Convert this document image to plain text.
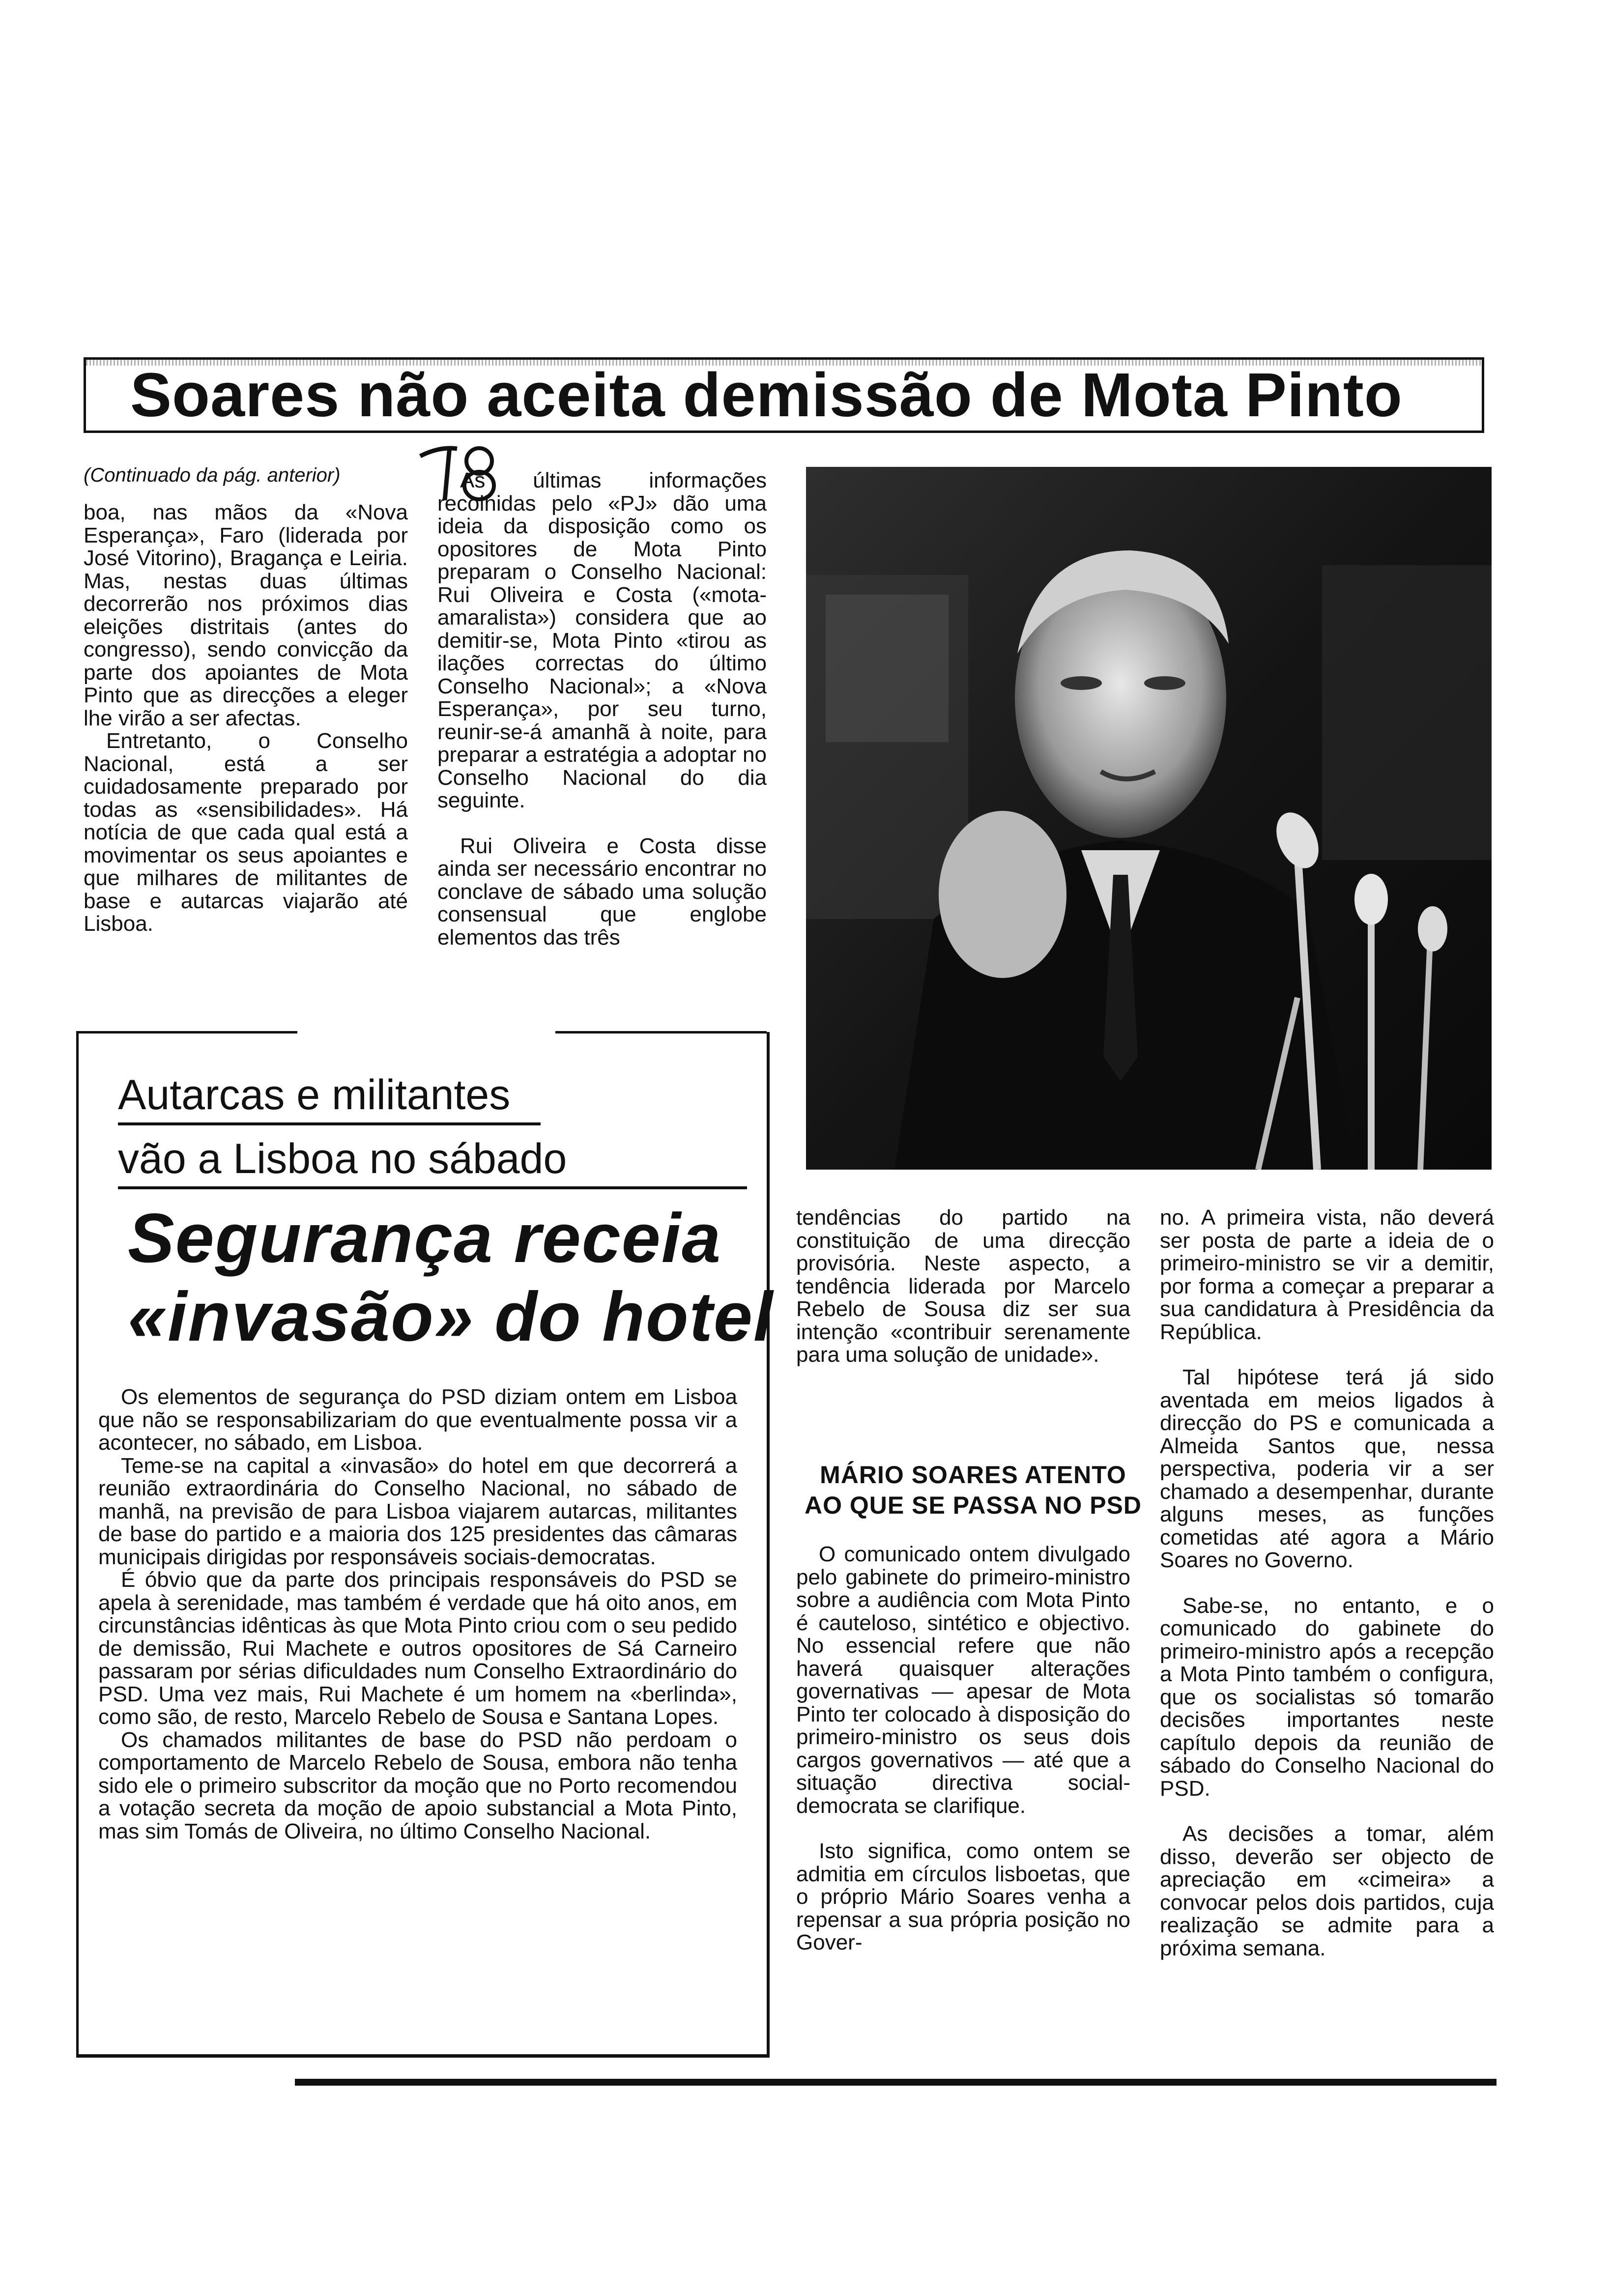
Soares não aceita demissão de Mota Pinto
(Continuado da pág. anterior)

boa, nas mãos da «Nova Esperança», Faro (liderada por José Vitorino), Bragança e Leiria. Mas, nestas duas últimas decorrerão nos próximos dias eleições distritais (antes do congresso), sendo convicção da parte dos apoiantes de Mota Pinto que as direcções a eleger lhe virão a ser afectas.

Entretanto, o Conselho Nacional, está a ser cuidadosamente preparado por todas as «sensibilidades». Há notícia de que cada qual está a movimentar os seus apoiantes e que milhares de militantes de base e autarcas viajarão até Lisboa.

As últimas informações recolhidas pelo «PJ» dão uma ideia da disposição como os opositores de Mota Pinto preparam o Conselho Nacional: Rui Oliveira e Costa («mota-amaralista») considera que ao demitir-se, Mota Pinto «tirou as ilações correctas do último Conselho Nacional»; a «Nova Esperança», por seu turno, reunir-se-á amanhã à noite, para preparar a estratégia a adoptar no Conselho Nacional do dia seguinte.

Rui Oliveira e Costa disse ainda ser necessário encontrar no conclave de sábado uma solução consensual que englobe elementos das três

Autarcas e militantes
vão a Lisboa no sábado
Segurança receia
«invasão» do hotel

Os elementos de segurança do PSD diziam ontem em Lisboa que não se responsabilizariam do que eventualmente possa vir a acontecer, no sábado, em Lisboa.

Teme-se na capital a «invasão» do hotel em que decorrerá a reunião extraordinária do Conselho Nacional, no sábado de manhã, na previsão de para Lisboa viajarem autarcas, militantes de base do partido e a maioria dos 125 presidentes das câmaras municipais dirigidas por responsáveis sociais-democratas.

É óbvio que da parte dos principais responsáveis do PSD se apela à serenidade, mas também é verdade que há oito anos, em circunstâncias idênticas às que Mota Pinto criou com o seu pedido de demissão, Rui Machete e outros opositores de Sá Carneiro passaram por sérias dificuldades num Conselho Extraordinário do PSD. Uma vez mais, Rui Machete é um homem na «berlinda», como são, de resto, Marcelo Rebelo de Sousa e Santana Lopes.

Os chamados militantes de base do PSD não perdoam o comportamento de Marcelo Rebelo de Sousa, embora não tenha sido ele o primeiro subscritor da moção que no Porto recomendou a votação secreta da moção de apoio substancial a Mota Pinto, mas sim Tomás de Oliveira, no último Conselho Nacional.

tendências do partido na constituição de uma direcção provisória. Neste aspecto, a tendência liderada por Marcelo Rebelo de Sousa diz ser sua intenção «contribuir serenamente para uma solução de unidade».

MÁRIO SOARES ATENTO
AO QUE SE PASSA NO PSD

O comunicado ontem divulgado pelo gabinete do primeiro-ministro sobre a audiência com Mota Pinto é cauteloso, sintético e objectivo. No essencial refere que não haverá quaisquer alterações governativas — apesar de Mota Pinto ter colocado à disposição do primeiro-ministro os seus dois cargos governativos — até que a situação directiva social-democrata se clarifique.

Isto significa, como ontem se admitia em círculos lisboetas, que o próprio Mário Soares venha a repensar a sua própria posição no Gover-

no. A primeira vista, não deverá ser posta de parte a ideia de o primeiro-ministro se vir a demitir, por forma a começar a preparar a sua candidatura à Presidência da República.

Tal hipótese terá já sido aventada em meios ligados à direcção do PS e comunicada a Almeida Santos que, nessa perspectiva, poderia vir a ser chamado a desempenhar, durante alguns meses, as funções cometidas até agora a Mário Soares no Governo.

Sabe-se, no entanto, e o comunicado do gabinete do primeiro-ministro após a recepção a Mota Pinto também o configura, que os socialistas só tomarão decisões importantes neste capítulo depois da reunião de sábado do Conselho Nacional do PSD.

As decisões a tomar, além disso, deverão ser objecto de apreciação em «cimeira» a convocar pelos dois partidos, cuja realização se admite para a próxima semana.
